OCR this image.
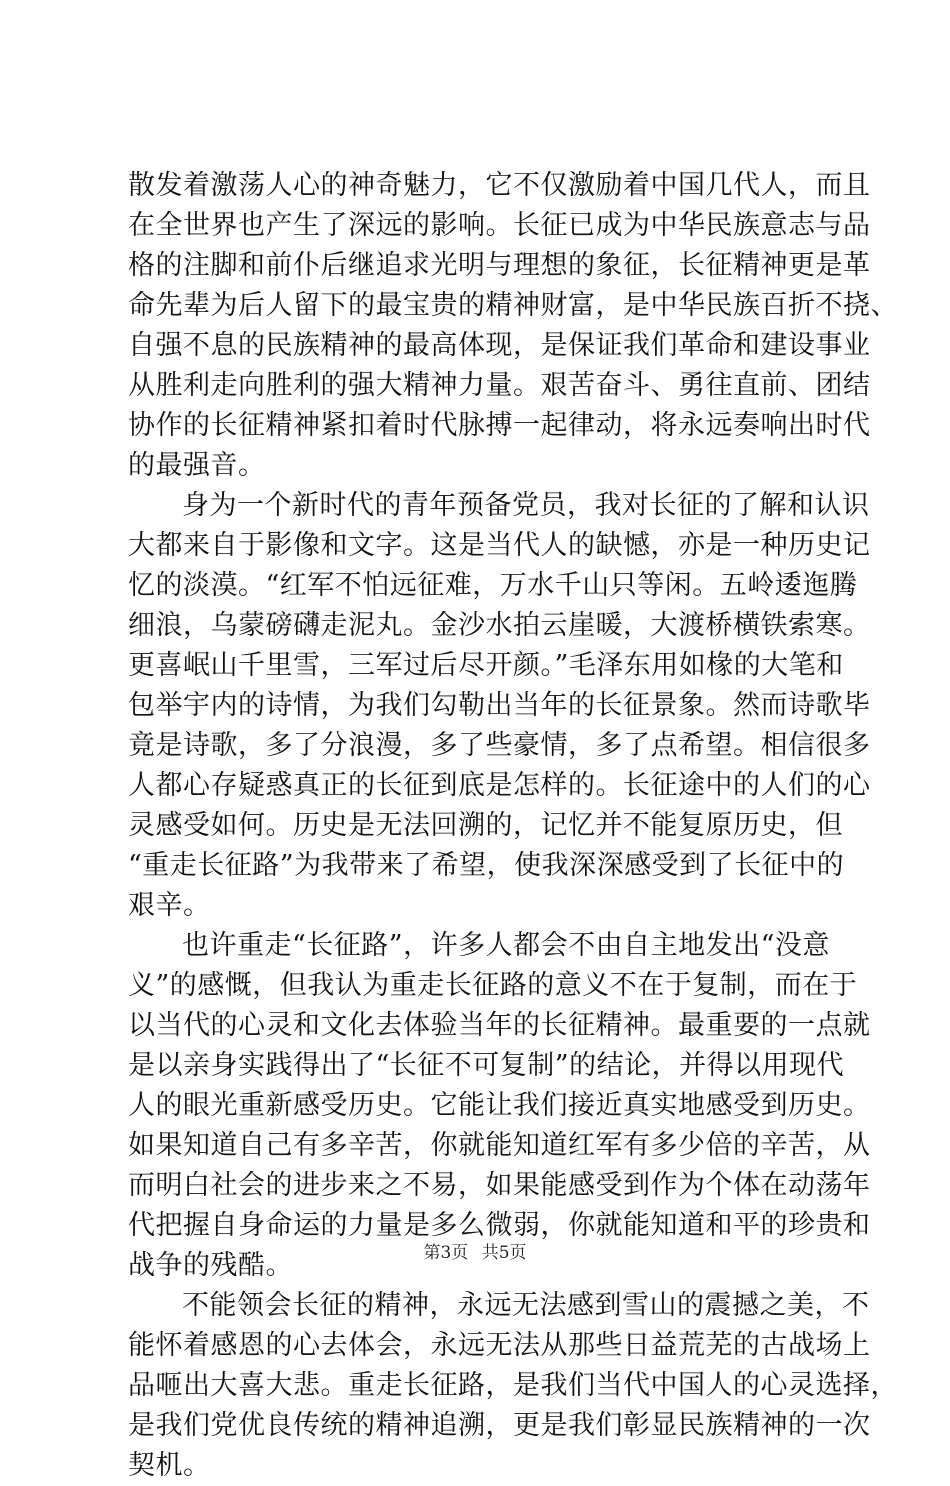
散发着激荡人心的神奇魅力，它不仅激励着中国几代人，而且
在全世界也产生了深远的影响。长征已成为中华民族意志与品
格的注脚和前仆后继追求光明与理想的象征，长征精神更是革
命先辈为后人留下的最宝贵的精神财富，是中华民族百折不挠、
自强不息的民族精神的最高体现，是保证我们革命和建设事业
从胜利走向胜利的强大精神力量。艰苦奋斗、勇往直前、团结
协作的长征精神紧扣着时代脉搏一起律动，将永远奏响出时代
的最强音。
身为一个新时代的青年预备党员，我对长征的了解和认识
大都来自于影像和文字。这是当代人的缺憾，亦是一种历史记
忆的淡漠。“红军不怕远征难，万水千山只等闲。五岭逶迤腾
细浪，乌蒙磅礴走泥丸。金沙水拍云崖暖，大渡桥横铁索寒。
更喜岷山千里雪，三军过后尽开颜。”毛泽东用如椽的大笔和
包举宇内的诗情，为我们勾勒出当年的长征景象。然而诗歌毕
竟是诗歌，多了分浪漫，多了些豪情，多了点希望。相信很多
人都心存疑惑真正的长征到底是怎样的。长征途中的人们的心
灵感受如何。历史是无法回溯的，记忆并不能复原历史，但
“重走长征路”为我带来了希望，使我深深感受到了长征中的
艰辛。
也许重走“长征路”，许多人都会不由自主地发出“没意
义”的感慨，但我认为重走长征路的意义不在于复制，而在于
以当代的心灵和文化去体验当年的长征精神。最重要的一点就
是以亲身实践得出了“长征不可复制”的结论，并得以用现代
人的眼光重新感受历史。它能让我们接近真实地感受到历史。
如果知道自己有多辛苦，你就能知道红军有多少倍的辛苦，从
而明白社会的进步来之不易，如果能感受到作为个体在动荡年
代把握自身命运的力量是多么微弱，你就能知道和平的珍贵和
战争的残酷。
不能领会长征的精神，永远无法感到雪山的震撼之美，不
能怀着感恩的心去体会，永远无法从那些日益荒芜的古战场上
品咂出大喜大悲。重走长征路，是我们当代中国人的心灵选择，
是我们党优良传统的精神追溯，更是我们彰显民族精神的一次
契机。
第3页 共5页
